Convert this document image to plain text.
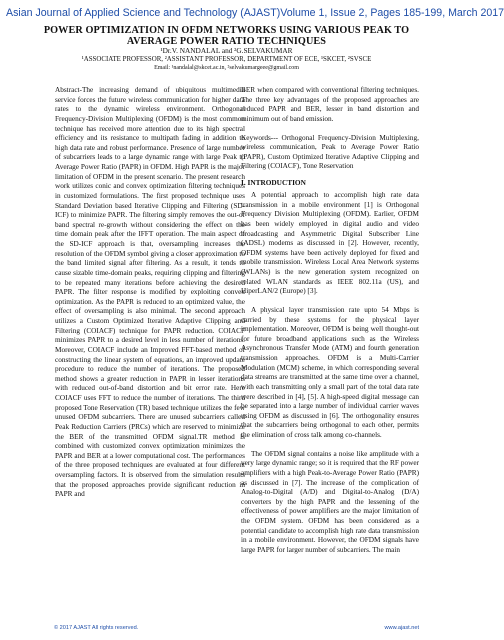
Asian Journal of Applied Science and Technology (AJAST) Volume 1, Issue 2, Pages 185-199, March 2017
POWER OPTIMIZATION IN OFDM NETWORKS USING VARIOUS PEAK TO
AVERAGE POWER RATIO TECHNIQUES
¹Dr.V. NANDALAL and ²G.SELVAKUMAR
¹ASSOCIATE PROFESSOR, ²ASSISTANT PROFESSOR, DEPARTMENT OF ECE, ¹SKCET, ²SVSCE
Email: ¹nandalal@skcet.ac.in, ²selvakumargeee@gmail.com

Abstract-The increasing demand of ubiquitous multimedia service forces the future wireless communication for higher data rates to the dynamic wireless environment. Orthogonal Frequency-Division Multiplexing (OFDM) is the most common technique has received more attention due to its high spectral efficiency and its resistance to multipath fading in addition to high data rate and robust performance. Presence of large number of subcarriers leads to a large dynamic range with large Peak to Average Power Ratio (PAPR) in OFDM. High PAPR is the major limitation of OFDM in the present scenario. The present research work utilizes conic and convex optimization filtering techniques in customized formulations. The first proposed technique uses Standard Deviation based Iterative Clipping and Filtering (SD-ICF) to minimize PAPR. The filtering simply removes the out-of band spectral re-growth without considering the effect on the time domain peak after the IFFT operation. The main aspect of the SD-ICF approach is that, oversampling increases the resolution of the OFDM symbol giving a closer approximation to the band limited signal after filtering. As a result, it tends to cause sizable time-domain peaks, requiring clipping and filtering to be repeated many iterations before achieving the desired PAPR. The filter response is modified by exploiting convex optimization. As the PAPR is reduced to an optimized value, the effect of oversampling is also minimal. The second approach utilizes a Custom Optimized Iterative Adaptive Clipping and Filtering (COIACF) technique for PAPR reduction. COIACF minimizes PAPR to a desired level in less number of iterations. Moreover, COIACF include an Improved FFT-based method of constructing the linear system of equations, an improved update procedure to reduce the number of iterations. The proposed method shows a greater reduction in PAPR in lesser iterations with reduced out-of-band distortion and bit error rate. Here COIACF uses FFT to reduce the number of iterations. The third proposed Tone Reservation (TR) based technique utilizes the few unused OFDM subcarriers. There are unused subcarriers called Peak Reduction Carriers (PRCs) which are reserved to minimize the BER of the transmitted OFDM signal.TR method is combined with customized convex optimization minimizes the PAPR and BER at a lower computational cost. The performances of the three proposed techniques are evaluated at four different oversampling factors. It is observed from the simulation results that the proposed approaches provide significant reduction in PAPR and

BER when compared with conventional filtering techniques. The three key advantages of the proposed approaches are reduced PAPR and BER, lesser in band distortion and minimum out of band emission.

Keywords--- Orthogonal Frequency-Division Multiplexing, wireless communication, Peak to Average Power Ratio (PAPR), Custom Optimized Iterative Adaptive Clipping and Filtering (COIACF), Tone Reservation

I. INTRODUCTION

A potential approach to accomplish high rate data transmission in a mobile environment [1] is Orthogonal Frequency Division Multiplexing (OFDM). Earlier, OFDM has been widely employed in digital audio and video broadcasting and Asymmetric Digital Subscriber Line (ADSL) modems as discussed in [2]. However, recently, OFDM systems have been actively deployed for fixed and mobile transmission. Wireless Local Area Network systems (WLANs) is the new generation system recognized on related WLAN standards as IEEE 802.11a (US), and HiperLAN/2 (Europe) [3].

A physical layer transmission rate upto 54 Mbps is carried by these systems for the physical layer implementation. Moreover, OFDM is being well thought-out for future broadband applications such as the Wireless Asynchronous Transfer Mode (ATM) and fourth generation transmission approaches. OFDM is a Multi-Carrier Modulation (MCM) scheme, in which corresponding several data streams are transmitted at the same time over a channel, with each transmitting only a small part of the total data rate were described in [4], [5]. A high-speed digital message can be separated into a large number of individual carrier waves using OFDM as discussed in [6]. The orthogonality ensures that the subcarriers being orthogonal to each other, permits the elimination of cross talk among co-channels.

The OFDM signal contains a noise like amplitude with a very large dynamic range; so it is required that the RF power amplifiers with a high Peak-to-Average Power Ratio (PAPR) as discussed in [7]. The increase of the complication of Analog-to-Digital (A/D) and Digital-to-Analog (D/A) converters by the high PAPR and the lessening of the effectiveness of power amplifiers are the major limitation of the OFDM system. OFDM has been considered as a potential candidate to accomplish high rate data transmission in a mobile environment. However, the OFDM signals have large PAPR for larger number of subcarriers. The main

© 2017 AJAST All rights reserved.	www.ajast.net
